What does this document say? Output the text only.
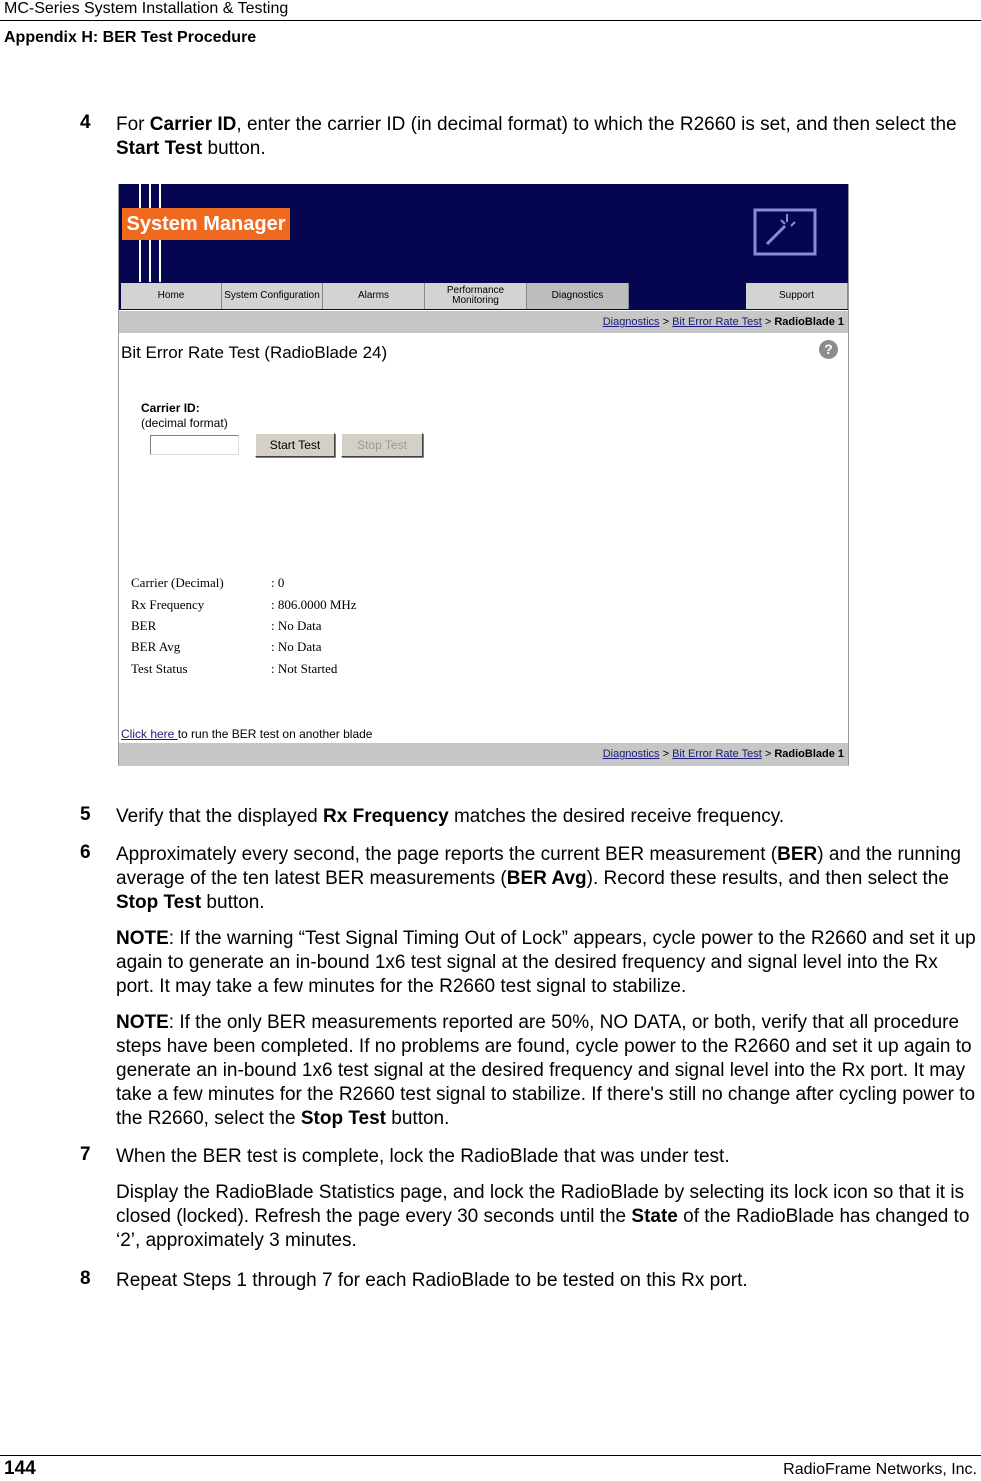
MC-Series System Installation & Testing
Appendix H: BER Test Procedure
4 For Carrier ID, enter the carrier ID (in decimal format) to which the R2660 is set, and then select the Start Test button.
System Manager
Home	System Configuration	Alarms	Performance Monitoring	Diagnostics	Support
Diagnostics > Bit Error Rate Test > RadioBlade 1
Bit Error Rate Test (RadioBlade 24)	?
Carrier ID:
(decimal format)
Start Test	Stop Test
Carrier (Decimal)	: 0
Rx Frequency	: 806.0000 MHz
BER	: No Data
BER Avg	: No Data
Test Status	: Not Started
Click here to run the BER test on another blade
Diagnostics > Bit Error Rate Test > RadioBlade 1
5 Verify that the displayed Rx Frequency matches the desired receive frequency.
6 Approximately every second, the page reports the current BER measurement (BER) and the running average of the ten latest BER measurements (BER Avg). Record these results, and then select the Stop Test button.
NOTE: If the warning “Test Signal Timing Out of Lock” appears, cycle power to the R2660 and set it up again to generate an in-bound 1x6 test signal at the desired frequency and signal level into the Rx port. It may take a few minutes for the R2660 test signal to stabilize.
NOTE: If the only BER measurements reported are 50%, NO DATA, or both, verify that all procedure steps have been completed. If no problems are found, cycle power to the R2660 and set it up again to generate an in-bound 1x6 test signal at the desired frequency and signal level into the Rx port. It may take a few minutes for the R2660 test signal to stabilize. If there's still no change after cycling power to the R2660, select the Stop Test button.
7 When the BER test is complete, lock the RadioBlade that was under test.
Display the RadioBlade Statistics page, and lock the RadioBlade by selecting its lock icon so that it is closed (locked). Refresh the page every 30 seconds until the State of the RadioBlade has changed to ‘2’, approximately 3 minutes.
8 Repeat Steps 1 through 7 for each RadioBlade to be tested on this Rx port.
144	RadioFrame Networks, Inc.
